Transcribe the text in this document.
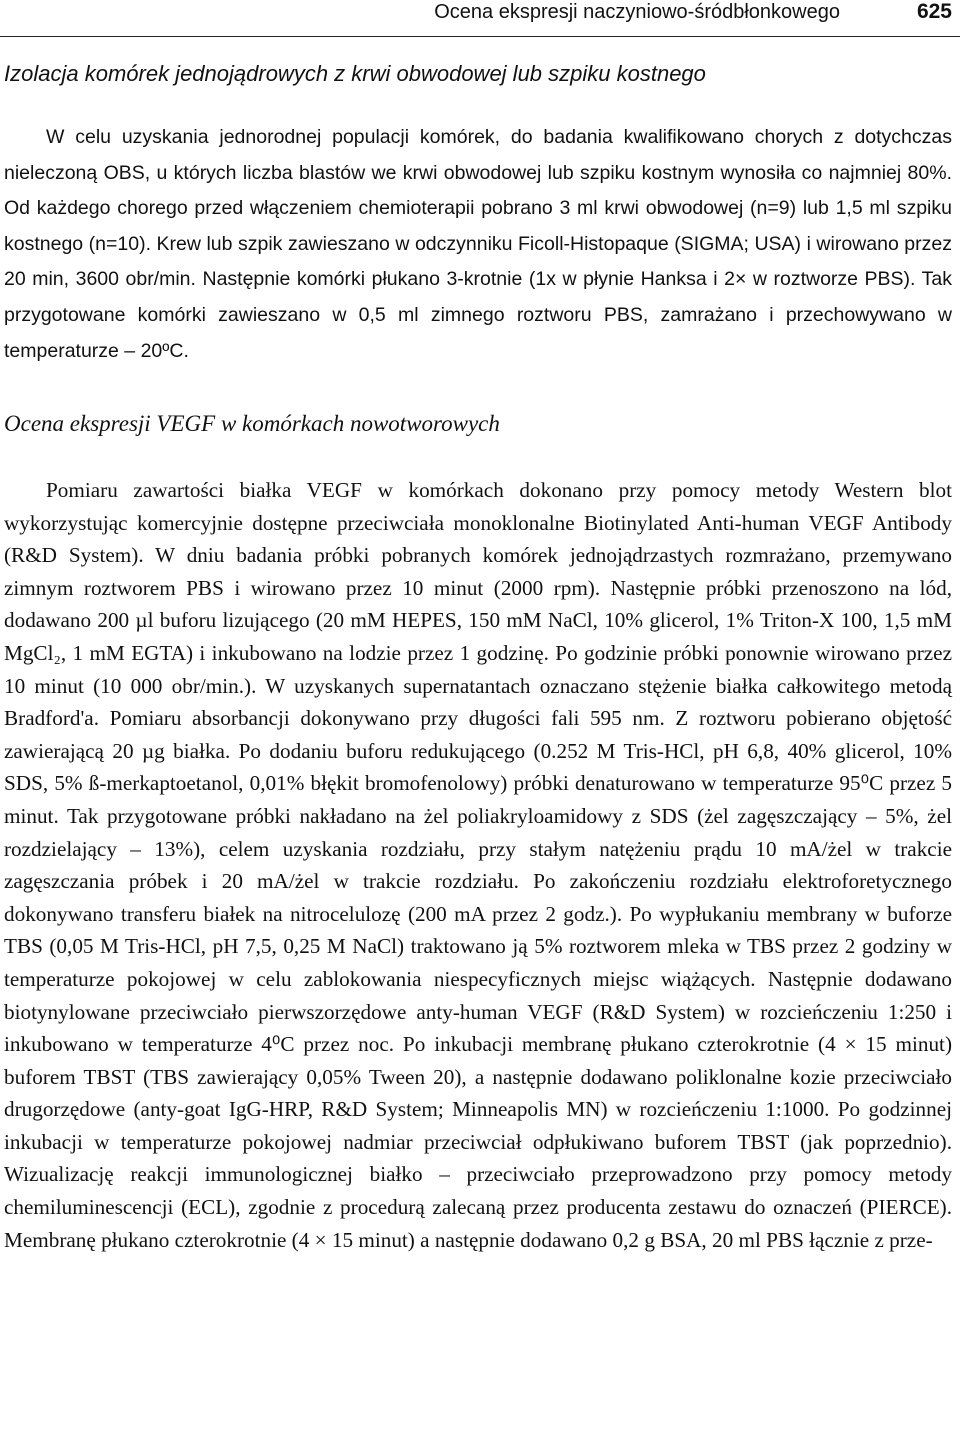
Ocena ekspresji naczyniowo-śródbłonkowego	625
Izolacja komórek jednojądrowych z krwi obwodowej lub szpiku kostnego

W celu uzyskania jednorodnej populacji komórek, do badania kwalifikowano chorych z dotychczas nieleczoną OBS, u których liczba blastów we krwi obwodowej lub szpiku kostnym wynosiła co najmniej 80%. Od każdego chorego przed włączeniem chemioterapii pobrano 3 ml krwi obwodowej (n=9) lub 1,5 ml szpiku kostnego (n=10). Krew lub szpik zawieszano w odczynniku Ficoll-Histopaque (SIGMA; USA) i wirowano przez 20 min, 3600 obr/min. Następnie komórki płukano 3-krotnie (1x w płynie Hanksa i 2× w roztworze PBS). Tak przygotowane komórki zawieszano w 0,5 ml zimnego roztworu PBS, zamrażano i przechowywano w temperaturze – 20ºC.

Ocena ekspresji VEGF w komórkach nowotworowych

Pomiaru zawartości białka VEGF w komórkach dokonano przy pomocy metody Western blot wykorzystując komercyjnie dostępne przeciwciała monoklonalne Biotinylated Anti-human VEGF Antibody (R&D System). W dniu badania próbki pobranych komórek jednojądrzastych rozmrażano, przemywano zimnym roztworem PBS i wirowano przez 10 minut (2000 rpm). Następnie próbki przenoszono na lód, dodawano 200 µl buforu lizującego (20 mM HEPES, 150 mM NaCl, 10% glicerol, 1% Triton-X 100, 1,5 mM MgCl₂, 1 mM EGTA) i inkubowano na lodzie przez 1 godzinę. Po godzinie próbki ponownie wirowano przez 10 minut (10 000 obr/min.). W uzyskanych supernatantach oznaczano stężenie białka całkowitego metodą Bradford'a. Pomiaru absorbancji dokonywano przy długości fali 595 nm. Z roztworu pobierano objętość zawierającą 20 µg białka. Po dodaniu buforu redukującego (0.252 M Tris-HCl, pH 6,8, 40% glicerol, 10% SDS, 5% ß-merkaptoetanol, 0,01% błękit bromofenolowy) próbki denaturowano w temperaturze 95⁰C przez 5 minut. Tak przygotowane próbki nakładano na żel poliakryloamidowy z SDS (żel zagęszczający – 5%, żel rozdzielający – 13%), celem uzyskania rozdziału, przy stałym natężeniu prądu 10 mA/żel w trakcie zagęszczania próbek i 20 mA/żel w trakcie rozdziału. Po zakończeniu rozdziału elektroforetycznego dokonywano transferu białek na nitrocelulozę (200 mA przez 2 godz.). Po wypłukaniu membrany w buforze TBS (0,05 M Tris-HCl, pH 7,5, 0,25 M NaCl) traktowano ją 5% roztworem mleka w TBS przez 2 godziny w temperaturze pokojowej w celu zablokowania niespecyficznych miejsc wiążących. Następnie dodawano biotynylowane przeciwciało pierwszorzędowe anty-human VEGF (R&D System) w rozcieńczeniu 1:250 i inkubowano w temperaturze 4⁰C przez noc. Po inkubacji membranę płukano czterokrotnie (4 × 15 minut) buforem TBST (TBS zawierający 0,05% Tween 20), a następnie dodawano poliklonalne kozie przeciwciało drugorzędowe (anty-goat IgG-HRP, R&D System; Minneapolis MN) w rozcieńczeniu 1:1000. Po godzinnej inkubacji w temperaturze pokojowej nadmiar przeciwciał odpłukiwano buforem TBST (jak poprzednio). Wizualizację reakcji immunologicznej białko – przeciwciało przeprowadzono przy pomocy metody chemiluminescencji (ECL), zgodnie z procedurą zalecaną przez producenta zestawu do oznaczeń (PIERCE). Membranę płukano czterokrotnie (4 × 15 minut) a następnie dodawano 0,2 g BSA, 20 ml PBS łącznie z prze-
